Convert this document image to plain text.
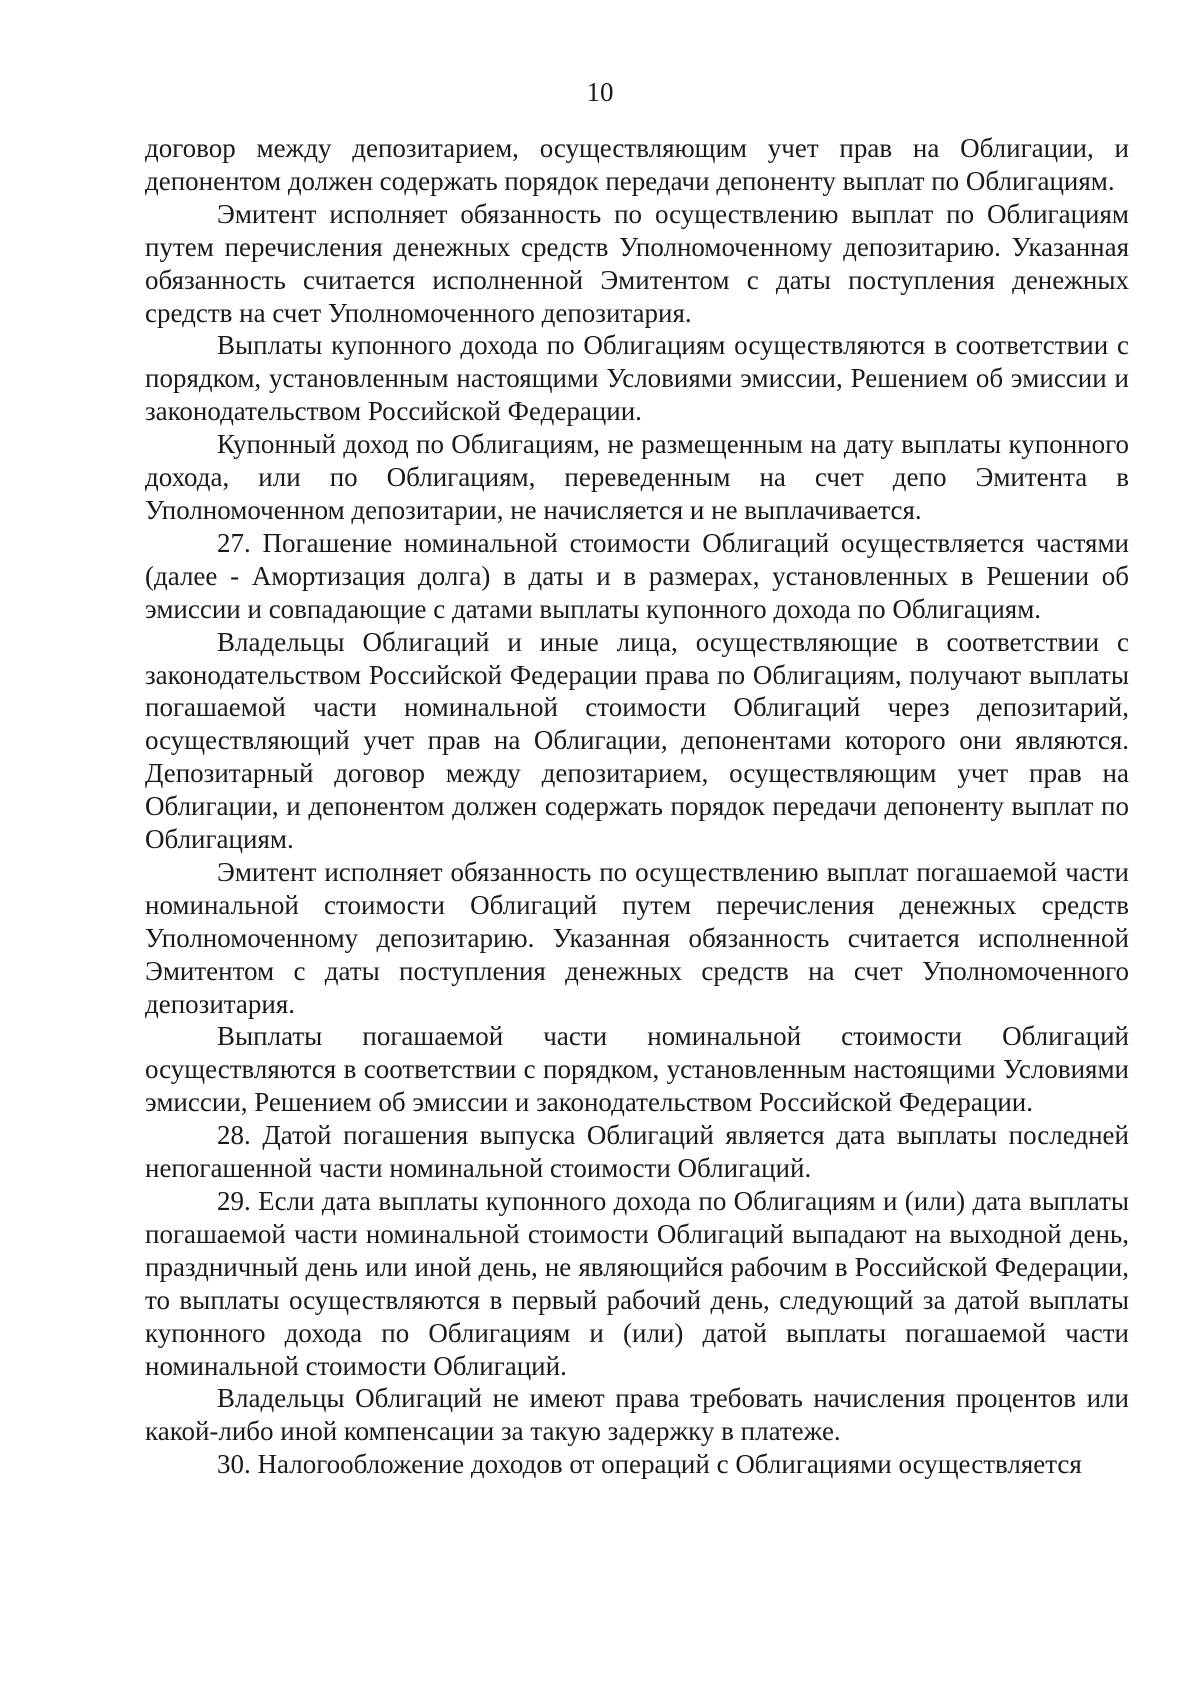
10

договор между депозитарием, осуществляющим учет прав на Облигации, и депонентом должен содержать порядок передачи депоненту выплат по Облигациям.

Эмитент исполняет обязанность по осуществлению выплат по Облигациям путем перечисления денежных средств Уполномоченному депозитарию. Указанная обязанность считается исполненной Эмитентом с даты поступления денежных средств на счет Уполномоченного депозитария.

Выплаты купонного дохода по Облигациям осуществляются в соответствии с порядком, установленным настоящими Условиями эмиссии, Решением об эмиссии и законодательством Российской Федерации.

Купонный доход по Облигациям, не размещенным на дату выплаты купонного дохода, или по Облигациям, переведенным на счет депо Эмитента в Уполномоченном депозитарии, не начисляется и не выплачивается.

27. Погашение номинальной стоимости Облигаций осуществляется частями (далее - Амортизация долга) в даты и в размерах, установленных в Решении об эмиссии и совпадающие с датами выплаты купонного дохода по Облигациям.

Владельцы Облигаций и иные лица, осуществляющие в соответствии с законодательством Российской Федерации права по Облигациям, получают выплаты погашаемой части номинальной стоимости Облигаций через депозитарий, осуществляющий учет прав на Облигации, депонентами которого они являются. Депозитарный договор между депозитарием, осуществляющим учет прав на Облигации, и депонентом должен содержать порядок передачи депоненту выплат по Облигациям.

Эмитент исполняет обязанность по осуществлению выплат погашаемой части номинальной стоимости Облигаций путем перечисления денежных средств Уполномоченному депозитарию. Указанная обязанность считается исполненной Эмитентом с даты поступления денежных средств на счет Уполномоченного депозитария.

Выплаты погашаемой части номинальной стоимости Облигаций осуществляются в соответствии с порядком, установленным настоящими Условиями эмиссии, Решением об эмиссии и законодательством Российской Федерации.

28. Датой погашения выпуска Облигаций является дата выплаты последней непогашенной части номинальной стоимости Облигаций.

29. Если дата выплаты купонного дохода по Облигациям и (или) дата выплаты погашаемой части номинальной стоимости Облигаций выпадают на выходной день, праздничный день или иной день, не являющийся рабочим в Российской Федерации, то выплаты осуществляются в первый рабочий день, следующий за датой выплаты купонного дохода по Облигациям и (или) датой выплаты погашаемой части номинальной стоимости Облигаций.

Владельцы Облигаций не имеют права требовать начисления процентов или какой-либо иной компенсации за такую задержку в платеже.

30. Налогообложение доходов от операций с Облигациями осуществляется
